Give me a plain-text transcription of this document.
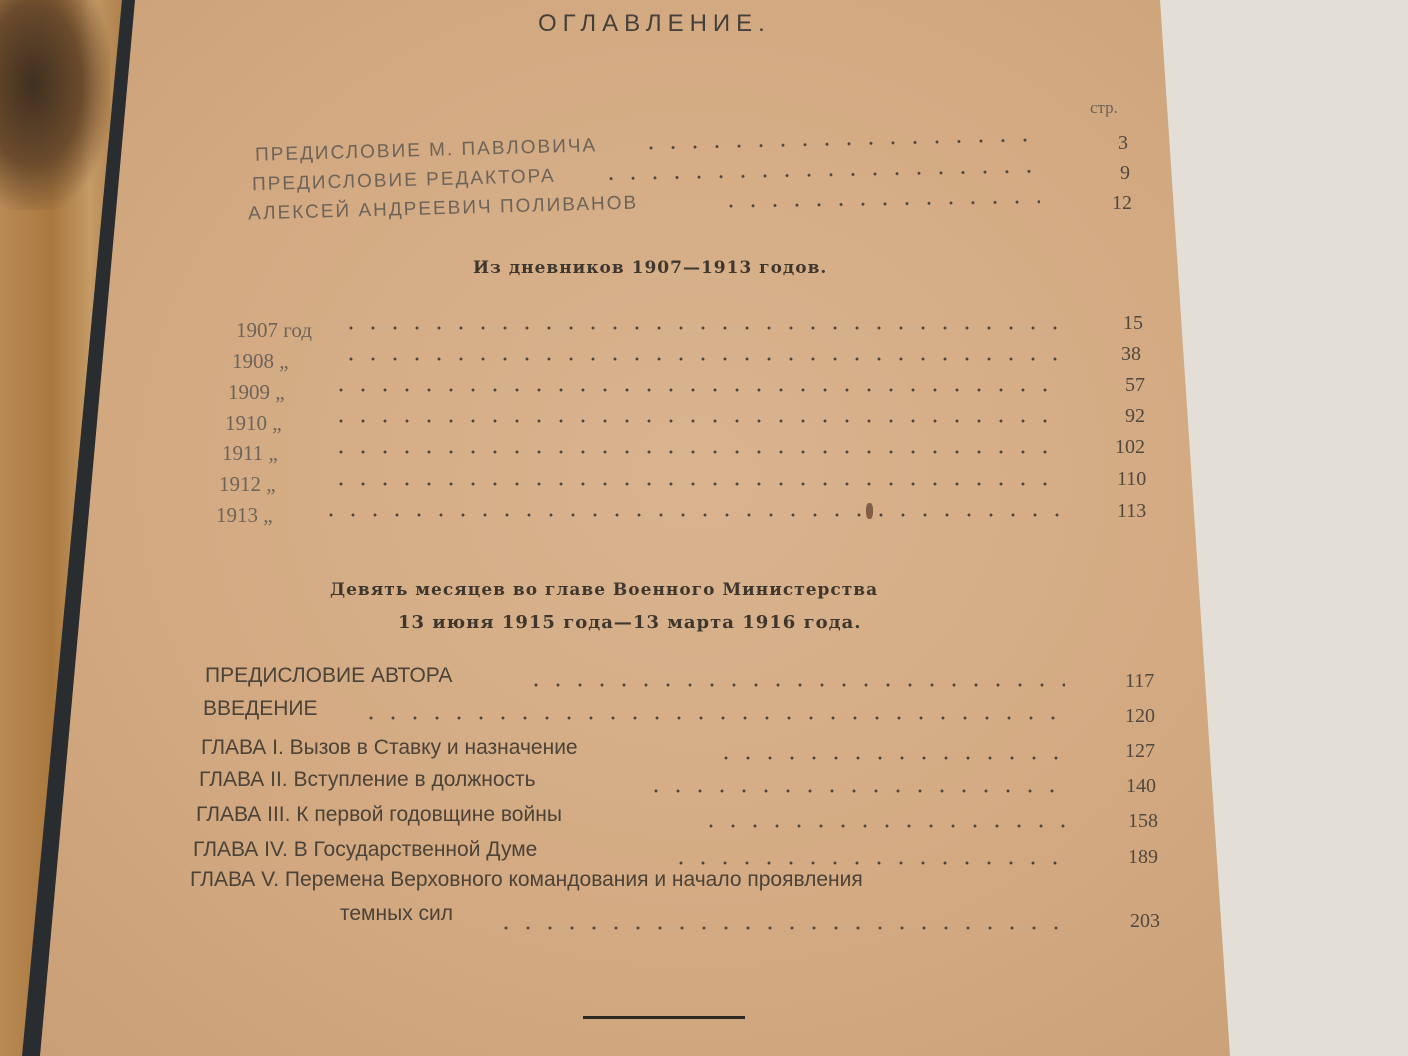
ОГЛАВЛЕНИЕ.
стр.
ПРЕДИСЛОВИЕ М. ПАВЛОВИЧА	3
ПРЕДИСЛОВИЕ РЕДАКТОРА	9
АЛЕКСЕЙ АНДРЕЕВИЧ ПОЛИВАНОВ	12
Из дневников 1907—1913 годов.
1907 год	15
1908 „	38
1909 „	57
1910 „	92
1911 „	102
1912 „	110
1913 „	113
Девять месяцев во главе Военного Министерства
13 июня 1915 года—13 марта 1916 года.
ПРЕДИСЛОВИЕ АВТОРА	117
ВВЕДЕНИЕ	120
ГЛАВА I. Вызов в Ставку и назначение	127
ГЛАВА II. Вступление в должность	140
ГЛАВА III. К первой годовщине войны	158
ГЛАВА IV. В Государственной Думе	189
ГЛАВА V. Перемена Верховного командования и начало проявления
темных сил	203
